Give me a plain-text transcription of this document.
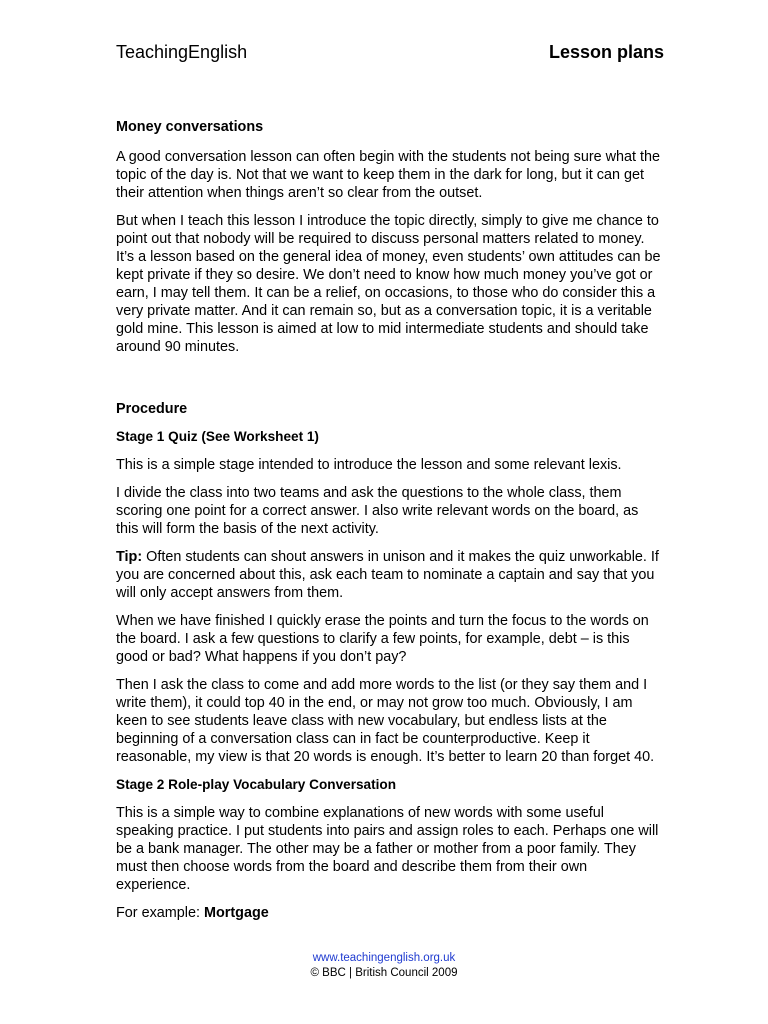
TeachingEnglish	Lesson plans
Money conversations

A good conversation lesson can often begin with the students not being sure what the topic of the day is. Not that we want to keep them in the dark for long, but it can get their attention when things aren’t so clear from the outset.

But when I teach this lesson I introduce the topic directly, simply to give me chance to point out that nobody will be required to discuss personal matters related to money. It’s a lesson based on the general idea of money, even students’ own attitudes can be kept private if they so desire. We don’t need to know how much money you’ve got or earn, I may tell them. It can be a relief, on occasions, to those who do consider this a very private matter. And it can remain so, but as a conversation topic, it is a veritable gold mine. This lesson is aimed at low to mid intermediate students and should take around 90 minutes.

Procedure
Stage 1 Quiz (See Worksheet 1)

This is a simple stage intended to introduce the lesson and some relevant lexis.

I divide the class into two teams and ask the questions to the whole class, them scoring one point for a correct answer. I also write relevant words on the board, as this will form the basis of the next activity.

Tip: Often students can shout answers in unison and it makes the quiz unworkable. If you are concerned about this, ask each team to nominate a captain and say that you will only accept answers from them.

When we have finished I quickly erase the points and turn the focus to the words on the board. I ask a few questions to clarify a few points, for example, debt – is this good or bad? What happens if you don’t pay?

Then I ask the class to come and add more words to the list (or they say them and I write them), it could top 40 in the end, or may not grow too much. Obviously, I am keen to see students leave class with new vocabulary, but endless lists at the beginning of a conversation class can in fact be counterproductive. Keep it reasonable, my view is that 20 words is enough. It’s better to learn 20 than forget 40.

Stage 2 Role-play Vocabulary Conversation

This is a simple way to combine explanations of new words with some useful speaking practice. I put students into pairs and assign roles to each. Perhaps one will be a bank manager. The other may be a father or mother from a poor family. They must then choose words from the board and describe them from their own experience.

For example: Mortgage

www.teachingenglish.org.uk
© BBC | British Council 2009
